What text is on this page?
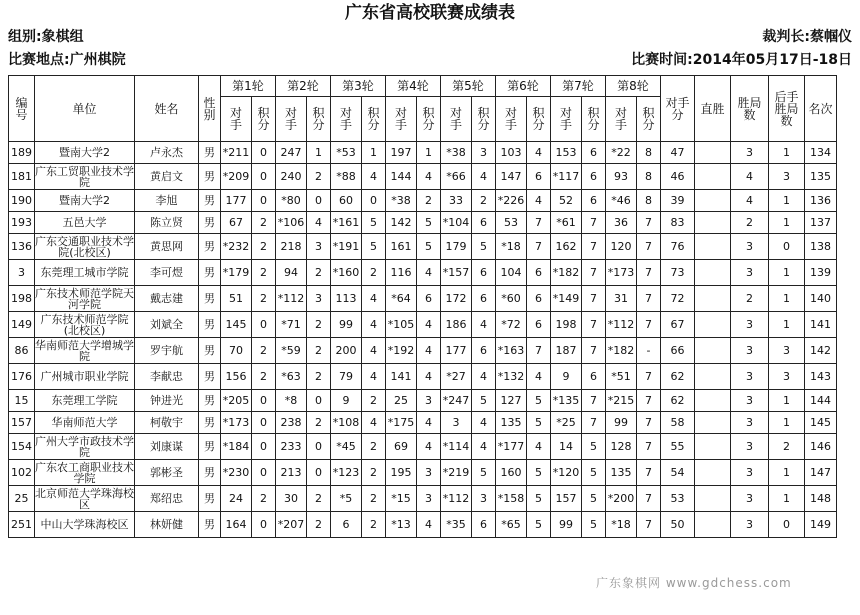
广东省高校联赛成绩表
组别:象棋组	裁判长:蔡帼仪
比赛地点:广州棋院	比赛时间:2014年05月17日-18日
编号	单位	姓名	性别	第1轮		第2轮		第3轮		第4轮		第5轮		第6轮		第7轮		第8轮		对手分	直胜	胜局数	后手胜局数	名次
				对手	积分	对手	积分	对手	积分	对手	积分	对手	积分	对手	积分	对手	积分	对手	积分					
189	暨南大学2	卢永杰	男	*211	0	247	1	*53	1	197	1	*38	3	103	4	153	6	*22	8	47		3	1	134
181	广东工贸职业技术学院	黄启文	男	*209	0	240	2	*88	4	144	4	*66	4	147	6	*117	6	93	8	46		4	3	135
190	暨南大学2	李旭	男	177	0	*80	0	60	0	*38	2	33	2	*226	4	52	6	*46	8	39		4	1	136
193	五邑大学	陈立贤	男	67	2	*106	4	*161	5	142	5	*104	6	53	7	*61	7	36	7	83		2	1	137
136	广东交通职业技术学院(北校区)	黄思网	男	*232	2	218	3	*191	5	161	5	179	5	*18	7	162	7	120	7	76		3	0	138
3	东莞理工城市学院	李可煜	男	*179	2	94	2	*160	2	116	4	*157	6	104	6	*182	7	*173	7	73		3	1	139
198	广东技术师范学院天河学院	戴志建	男	51	2	*112	3	113	4	*64	6	172	6	*60	6	*149	7	31	7	72		2	1	140
149	广东技术师范学院(北校区)	刘斌全	男	145	0	*71	2	99	4	*105	4	186	4	*72	6	198	7	*112	7	67		3	1	141
86	华南师范大学增城学院	罗宇航	男	70	2	*59	2	200	4	*192	4	177	6	*163	7	187	7	*182	-	66		3	3	142
176	广州城市职业学院	李献忠	男	156	2	*63	2	79	4	141	4	*27	4	*132	4	9	6	*51	7	62		3	3	143
15	东莞理工学院	钟进光	男	*205	0	*8	0	9	2	25	3	*247	5	127	5	*135	7	*215	7	62		3	1	144
157	华南师范大学	柯敬宇	男	*173	0	238	2	*108	4	*175	4	3	4	135	5	*25	7	99	7	58		3	1	145
154	广州大学市政技术学院	刘康谋	男	*184	0	233	0	*45	2	69	4	*114	4	*177	4	14	5	128	7	55		3	2	146
102	广东农工商职业技术学院	郭彬圣	男	*230	0	213	0	*123	2	195	3	*219	5	160	5	*120	5	135	7	54		3	1	147
25	北京师范大学珠海校区	郑绍忠	男	24	2	30	2	*5	2	*15	3	*112	3	*158	5	157	5	*200	7	53		3	1	148
251	中山大学珠海校区	林妍健	男	164	0	*207	2	6	2	*13	4	*35	6	*65	5	99	5	*18	7	50		3	0	149
广东象棋网 www.gdchess.com
